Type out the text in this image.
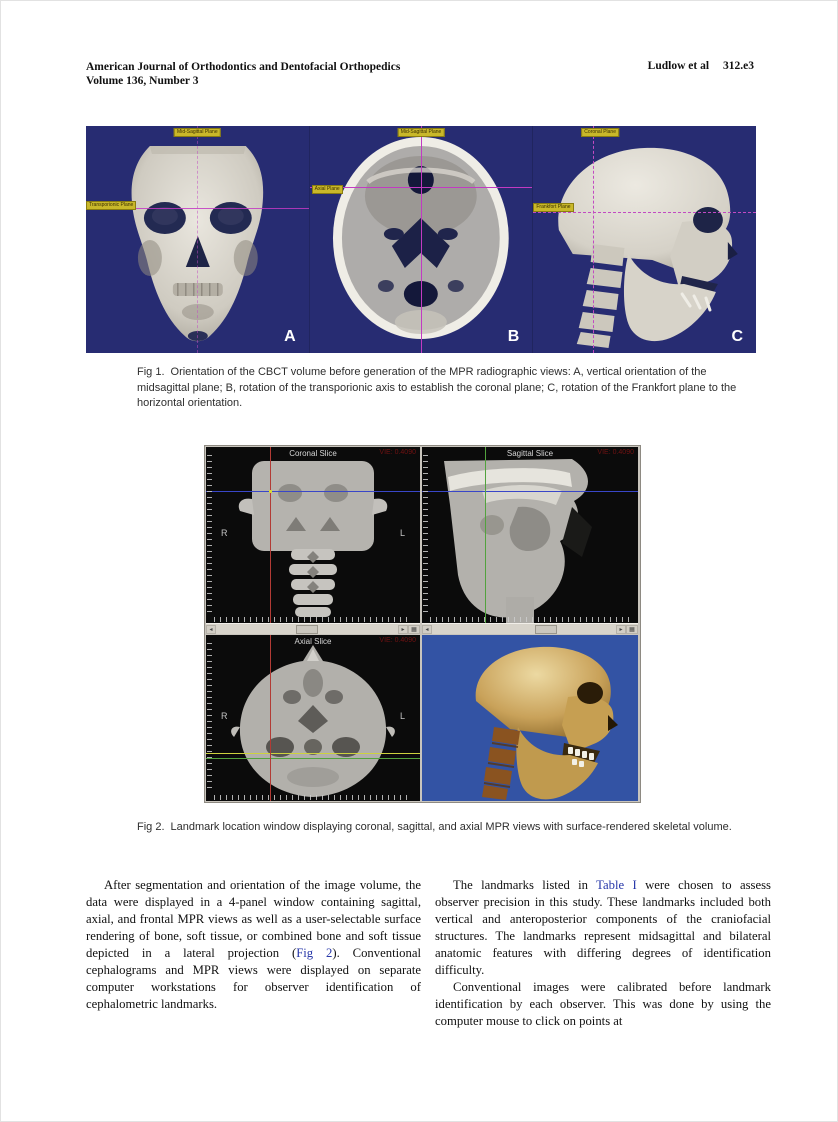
American Journal of Orthodontics and Dentofacial Orthopedics
Volume 136, Number 3
Ludlow et al 312.e3
Mid-Sagittal Plane
Transporionic Plane
A
Mid-Sagittal Plane
Axial Plane
B
Coronal Plane
Frankfort Plane
C
Fig 1. Orientation of the CBCT volume before generation of the MPR radiographic views: A, vertical orientation of the midsagittal plane; B, rotation of the transporionic axis to establish the coronal plane; C, rotation of the Frankfort plane to the horizontal orientation.
Coronal Slice	VIE: 0.4090
R	L
Sagittal Slice	VIE: 0.4090
◂	▸	▦	◂	▸	▦
Axial Slice	VIE: 0.4090
R	L
Fig 2. Landmark location window displaying coronal, sagittal, and axial MPR views with surface-rendered skeletal volume.

After segmentation and orientation of the image volume, the data were displayed in a 4-panel window containing sagittal, axial, and frontal MPR views as well as a user-selectable surface rendering of bone, soft tissue, or combined bone and soft tissue depicted in a lateral projection (Fig 2). Conventional cephalograms and MPR views were displayed on separate computer workstations for observer identification of cephalometric landmarks.

The landmarks listed in Table I were chosen to assess observer precision in this study. These landmarks included both vertical and anteroposterior components of the craniofacial structures. The landmarks represent midsagittal and bilateral anatomic features with differing degrees of identification difficulty.

Conventional images were calibrated before landmark identification by each observer. This was done by using the computer mouse to click on points at
